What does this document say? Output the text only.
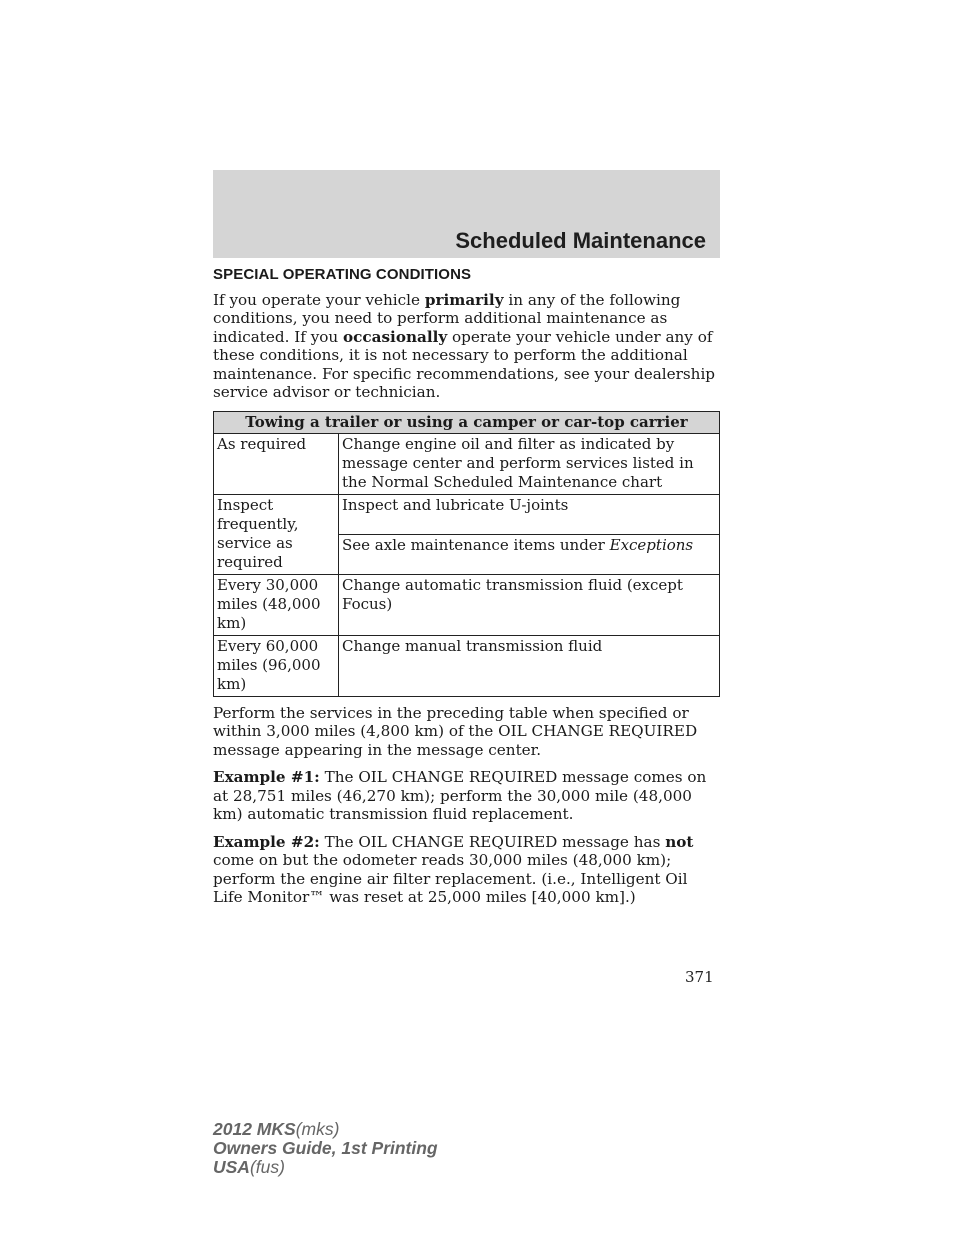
Scheduled Maintenance
SPECIAL OPERATING CONDITIONS

If you operate your vehicle primarily in any of the following conditions, you need to perform additional maintenance as indicated. If you occasionally operate your vehicle under any of these conditions, it is not necessary to perform the additional maintenance. For specific recommendations, see your dealership service advisor or technician.

Towing a trailer or using a camper or car-top carrier	
As required	Change engine oil and filter as indicated by message center and perform services listed in the Normal Scheduled Maintenance chart
Inspect frequently, service as required	Inspect and lubricate U-joints
	See axle maintenance items under Exceptions
Every 30,000 miles (48,000 km)	Change automatic transmission fluid (except Focus)
Every 60,000 miles (96,000 km)	Change manual transmission fluid

Perform the services in the preceding table when specified or within 3,000 miles (4,800 km) of the OIL CHANGE REQUIRED message appearing in the message center.

Example #1: The OIL CHANGE REQUIRED message comes on at 28,751 miles (46,270 km); perform the 30,000 mile (48,000 km) automatic transmission fluid replacement.

Example #2: The OIL CHANGE REQUIRED message has not come on but the odometer reads 30,000 miles (48,000 km); perform the engine air filter replacement. (i.e., Intelligent Oil Life Monitor™ was reset at 25,000 miles [40,000 km].)

371
2012 MKS(mks)
Owners Guide, 1st Printing
USA(fus)
